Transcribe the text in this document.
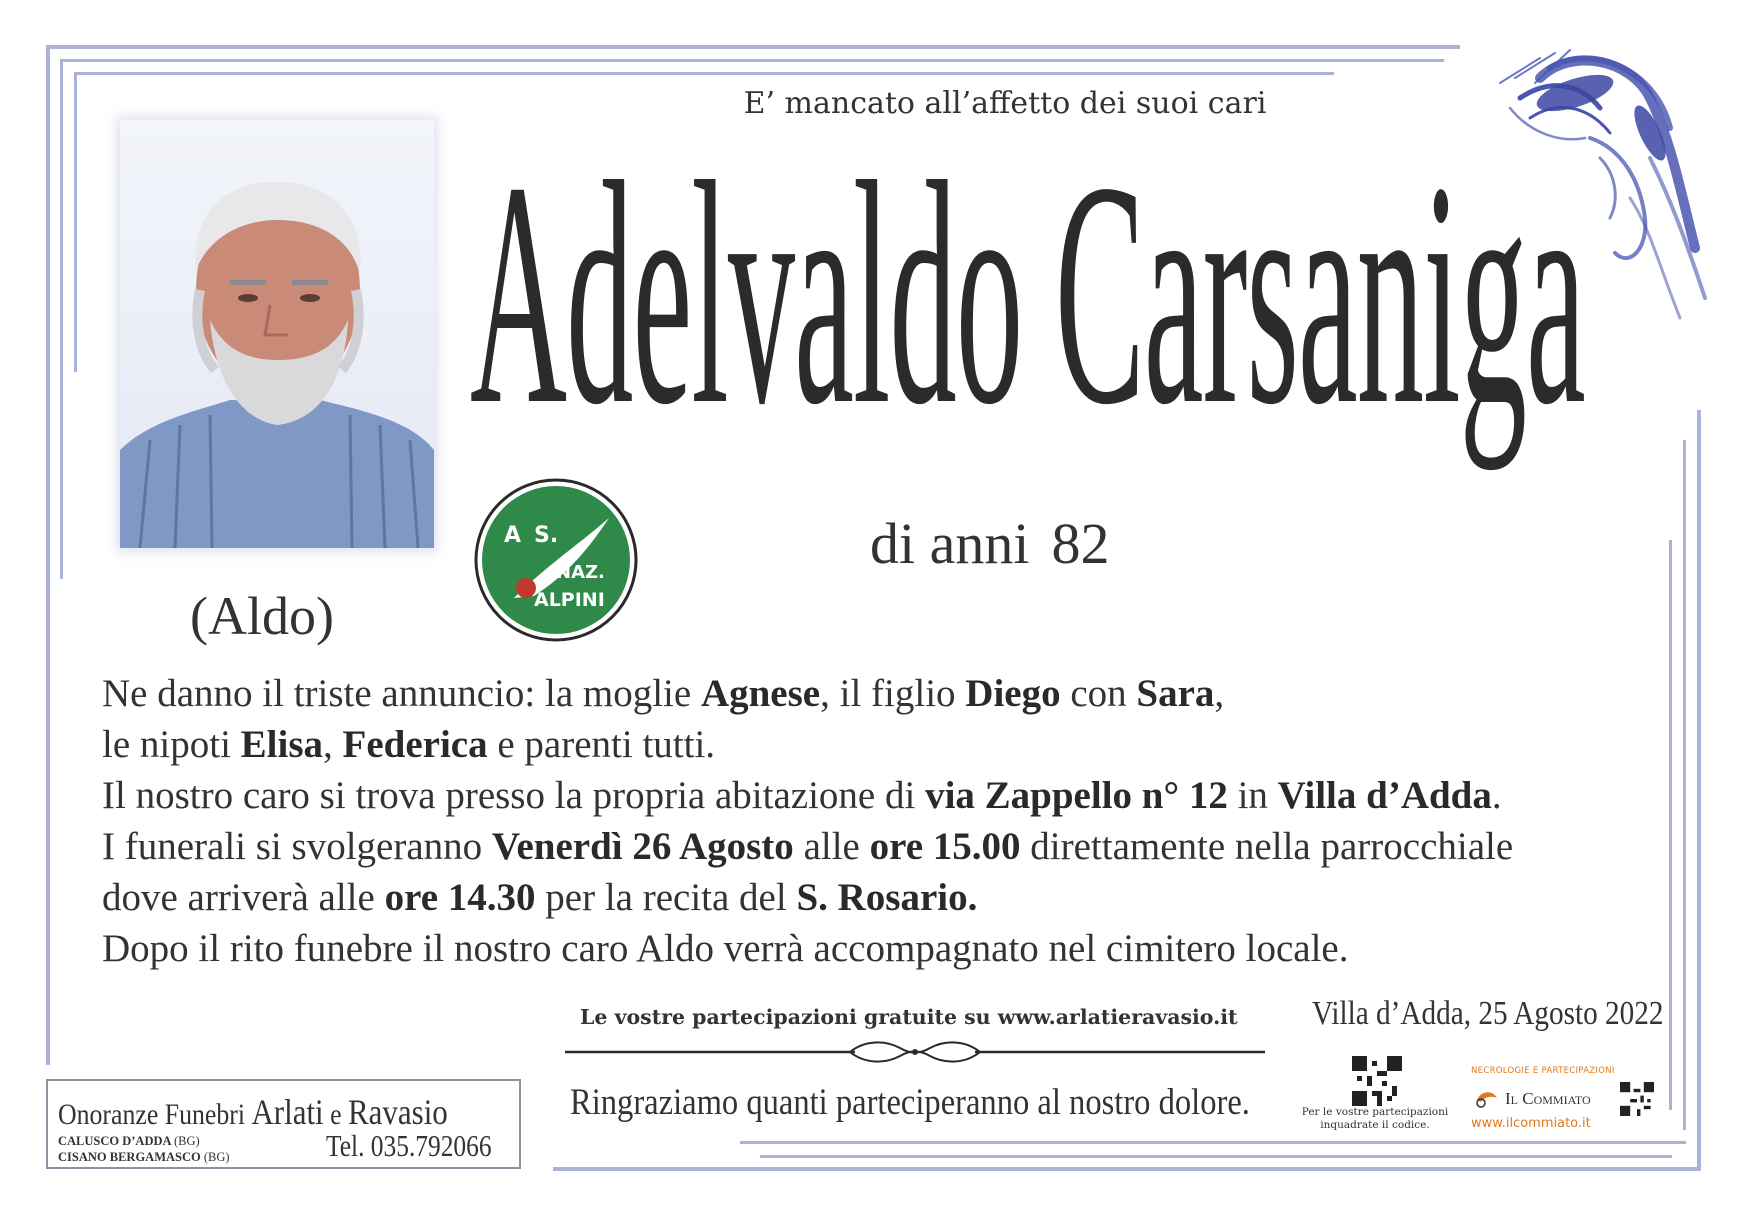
E’ mancato all’affetto dei suoi cari
Adelvaldo Carsaniga
di anni 82
(Aldo)
A S.
NAZ.
ALPINI

Ne danno il triste annuncio: la moglie Agnese, il figlio Diego con Sara,

le nipoti Elisa, Federica e parenti tutti.

Il nostro caro si trova presso la propria abitazione di via Zappello n° 12 in Villa d’Adda.

I funerali si svolgeranno Venerdì 26 Agosto alle ore 15.00 direttamente nella parrocchiale

dove arriverà alle ore 14.30 per la recita del S. Rosario.

Dopo il rito funebre il nostro caro Aldo verrà accompagnato nel cimitero locale.

Le vostre partecipazioni gratuite su www.arlatieravasio.it Villa d’Adda, 25 Agosto 2022
Ringraziamo quanti parteciperanno al nostro dolore.
Onoranze Funebri Arlati e Ravasio
CALUSCO D’ADDA (BG)
CISANO BERGAMASCO (BG)	Tel. 035.792066
Per le vostre partecipazioni
inquadrate il codice.
NECROLOGIE E PARTECIPAZIONI
Il Commiato
www.ilcommiato.it
